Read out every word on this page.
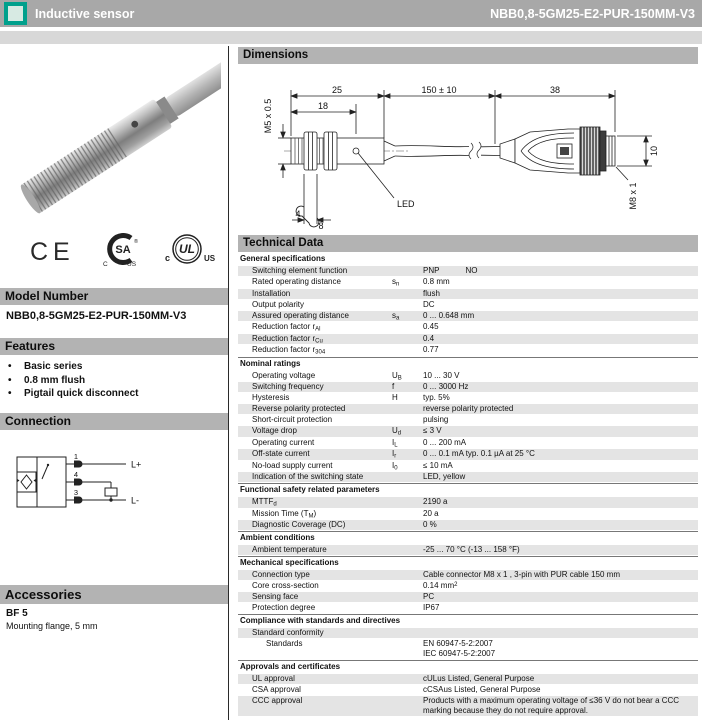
Inductive sensor	NBB0,8-5GM25-E2-PUR-150MM-V3
CE	SA
®
C	US
UL
c	US
Model Number
NBB0,8-5GM25-E2-PUR-150MM-V3
Features
•	Basic series
•	0.8 mm flush
•	Pigtail quick disconnect
Connection
1
4
3
L+
L-
Accessories
BF 5
Mounting flange, 5 mm
Dimensions
25	150 ± 10	38
18
M5 x 0.5
4
8
LED
10
M8 x 1
Technical Data
General specifications
Switching element function	PNP	NO
Rated operating distance	$s_n$	0.8 mm
Installation	flush
Output polarity	DC
Assured operating distance	$s_a$	0 ... 0.648 mm
Reduction factor $r_{Al}$	0.45
Reduction factor $r_{Cu}$	0.4
Reduction factor $r_{304}$	0.77
Nominal ratings
Operating voltage	$U_B$	10 ... 30 V
Switching frequency	f	0 ... 3000 Hz
Hysteresis	H	typ. 5%
Reverse polarity protected	reverse polarity protected
Short-circuit protection	pulsing
Voltage drop	$U_d$	≤ 3 V
Operating current	$I_L$	0 ... 200 mA
Off-state current	$I_r$	0 ... 0.1 mA typ. 0.1 µA at 25 °C
No-load supply current	$I_0$	≤ 10 mA
Indication of the switching state	LED, yellow
Functional safety related parameters
$MTTF_d$	2190 a
Mission Time $(T_M)$	20 a
Diagnostic Coverage (DC)	0 %
Ambient conditions
Ambient temperature	-25 ... 70 °C (-13 ... 158 °F)
Mechanical specifications
Connection type	Cable connector M8 x 1 , 3-pin with PUR cable 150 mm
Core cross-section	0.14 $mm^2$
Sensing face	PC
Protection degree	IP67
Compliance with standards and directives
Standard conformity
Standards	EN 60947-5-2:2007
IEC 60947-5-2:2007
Approvals and certificates
UL approval	cULus Listed, General Purpose
CSA approval	cCSAus Listed, General Purpose
CCC approval	Products with a maximum operating voltage of ≤36 V do not bear a CCC marking because they do not require approval.
